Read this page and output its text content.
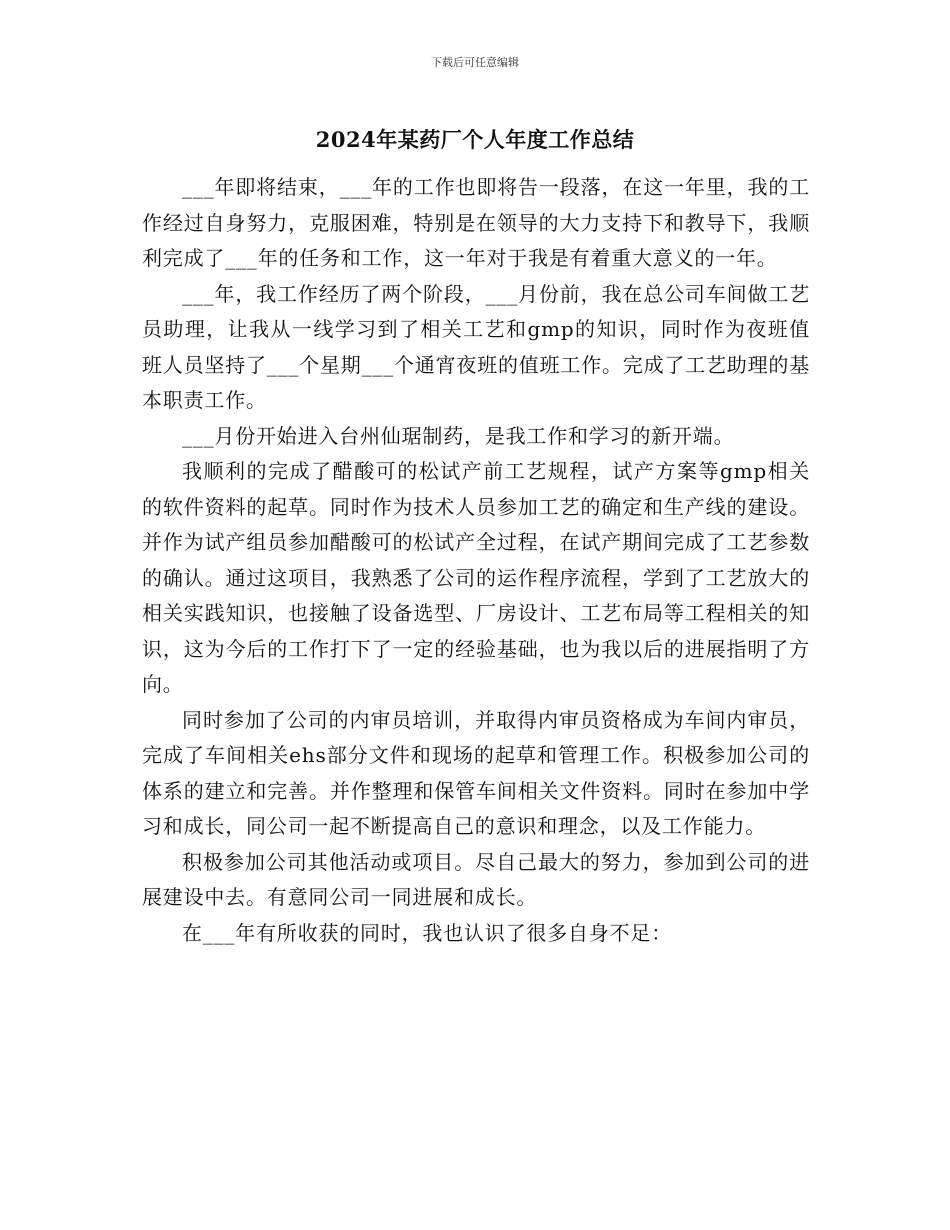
下载后可任意编辑
2024年某药厂个人年度工作总结

___年即将结束，___年的工作也即将告一段落，在这一年里，我的工作经过自身努力，克服困难，特别是在领导的大力支持下和教导下，我顺利完成了___年的任务和工作，这一年对于我是有着重大意义的一年。

___年，我工作经历了两个阶段，___月份前，我在总公司车间做工艺员助理，让我从一线学习到了相关工艺和gmp的知识，同时作为夜班值班人员坚持了___个星期___个通宵夜班的值班工作。完成了工艺助理的基本职责工作。

___月份开始进入台州仙琚制药，是我工作和学习的新开端。

我顺利的完成了醋酸可的松试产前工艺规程，试产方案等gmp相关的软件资料的起草。同时作为技术人员参加工艺的确定和生产线的建设。并作为试产组员参加醋酸可的松试产全过程，在试产期间完成了工艺参数的确认。通过这项目，我熟悉了公司的运作程序流程，学到了工艺放大的相关实践知识，也接触了设备选型、厂房设计、工艺布局等工程相关的知识，这为今后的工作打下了一定的经验基础，也为我以后的进展指明了方向。

同时参加了公司的内审员培训，并取得内审员资格成为车间内审员，完成了车间相关ehs部分文件和现场的起草和管理工作。积极参加公司的体系的建立和完善。并作整理和保管车间相关文件资料。同时在参加中学习和成长，同公司一起不断提高自己的意识和理念，以及工作能力。

积极参加公司其他活动或项目。尽自己最大的努力，参加到公司的进展建设中去。有意同公司一同进展和成长。

在___年有所收获的同时，我也认识了很多自身不足：
